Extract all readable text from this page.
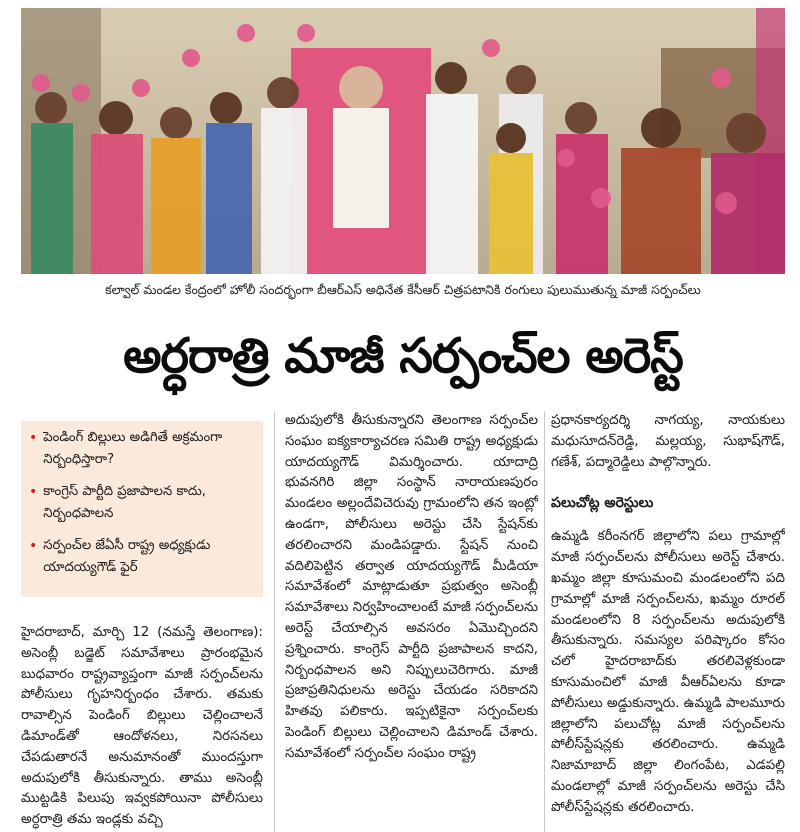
కల్వాల్ మండల కేంద్రంలో హోలీ సందర్భంగా బీఆర్ఎస్ అధినేత కేసీఆర్ చిత్రపటానికి రంగులు పులుముతున్న మాజీ సర్పంచ్‌లు
అర్ధరాత్రి మాజీ సర్పంచ్‌ల అరెస్ట్
• పెండింగ్ బిల్లులు అడిగితే అక్రమంగా నిర్బంధిస్తారా?
• కాంగ్రెస్ పార్టీది ప్రజాపాలన కాదు, నిర్బంధపాలన
• సర్పంచ్‌ల జేఏసీ రాష్ట్ర అధ్యక్షుడు యాదయ్యగౌడ్ ఫైర్

హైదరాబాద్, మార్చి 12 (నమస్తే తెలంగాణ): అసెంబ్లీ బడ్జెట్ సమావేశాలు ప్రారంభమైన బుధవారం రాష్ట్రవ్యాప్తంగా మాజీ సర్పంచ్‌లను పోలీసులు గృహనిర్బంధం చేశారు. తమకు రావాల్సిన పెండింగ్ బిల్లులు చెల్లించాలనే డిమాండ్‌తో ఆందోళనలు, నిరసనలు చేపడుతారనే అనుమానంతో ముందస్తుగా అదుపులోకి తీసుకున్నారు. తాము అసెంబ్లీ ముట్టడికి పిలుపు ఇవ్వకపోయినా పోలీసులు అర్ధరాత్రి తమ ఇండ్లకు వచ్చి

అదుపులోకి తీసుకున్నారని తెలంగాణ సర్పంచ్‌ల సంఘం ఐక్యకార్యాచరణ సమితి రాష్ట్ర అధ్యక్షుడు యాదయ్యగౌడ్ విమర్శించారు. యాదాద్రి భువనగిరి జిల్లా సంస్థాన్ నారాయణపురం మండలం అల్లందేవిచెరువు గ్రామంలోని తన ఇంట్లో ఉండగా, పోలీసులు అరెస్టు చేసి స్టేషన్‌కు తరలించారని మండిపడ్డారు. స్టేషన్ నుంచి వదిలిపెట్టిన తర్వాత యాదయ్యగౌడ్ మీడియా సమావేశంలో మాట్లాడుతూ ప్రభుత్వం అసెంబ్లీ సమావేశాలు నిర్వహించాలంటే మాజీ సర్పంచ్‌లను అరెస్ట్ చేయాల్సిన అవసరం ఏమొచ్చిందని ప్రశ్నించారు. కాంగ్రెస్ పార్టీది ప్రజాపాలన కాదని, నిర్బంధపాలన అని నిప్పులుచెరిగారు. మాజీ ప్రజాప్రతినిధులను అరెస్టు చేయడం సరికాదని హితవు పలికారు. ఇప్పటికైనా సర్పంచ్‌లకు పెండింగ్ బిల్లులు చెల్లించాలని డిమాండ్ చేశారు. సమావేశంలో సర్పంచ్‌ల సంఘం రాష్ట్ర

ప్రధానకార్యదర్శి నాగయ్య, నాయకులు మధుసూదన్‌రెడ్డి, మల్లయ్య, సుభాష్‌గౌడ్, గణేశ్, పద్మారెడ్డిలు పాల్గొన్నారు.

పలుచోట్ల అరెస్టులు

ఉమ్మడి కరీంనగర్ జిల్లాలోని పలు గ్రామాల్లో మాజీ సర్పంచ్‌లను పోలీసులు అరెస్ట్ చేశారు. ఖమ్మం జిల్లా కూసుమంచి మండలంలోని పది గ్రామాల్లో మాజీ సర్పంచ్‌లను, ఖమ్మం రూరల్ మండలంలోని 8 సర్పంచ్‌లను అదుపులోకి తీసుకున్నారు. సమస్యల పరిష్కారం కోసం చలో హైదరాబాద్‌కు తరలివెళ్లకుండా కూసుమంచిలో మాజీ వీఆర్ఏలను కూడా పోలీసులు అడ్డుకున్నారు. ఉమ్మడి పాలమూరు జిల్లాలోని పలుచోట్ల మాజీ సర్పంచ్‌లను పోలీస్‌స్టేషన్లకు తరలించారు. ఉమ్మడి నిజామాబాద్ జిల్లా లింగంపేట, ఎడపల్లి మండలాల్లో మాజీ సర్పంచ్‌లను అరెస్టు చేసి పోలీస్‌స్టేషన్లకు తరలించారు.
